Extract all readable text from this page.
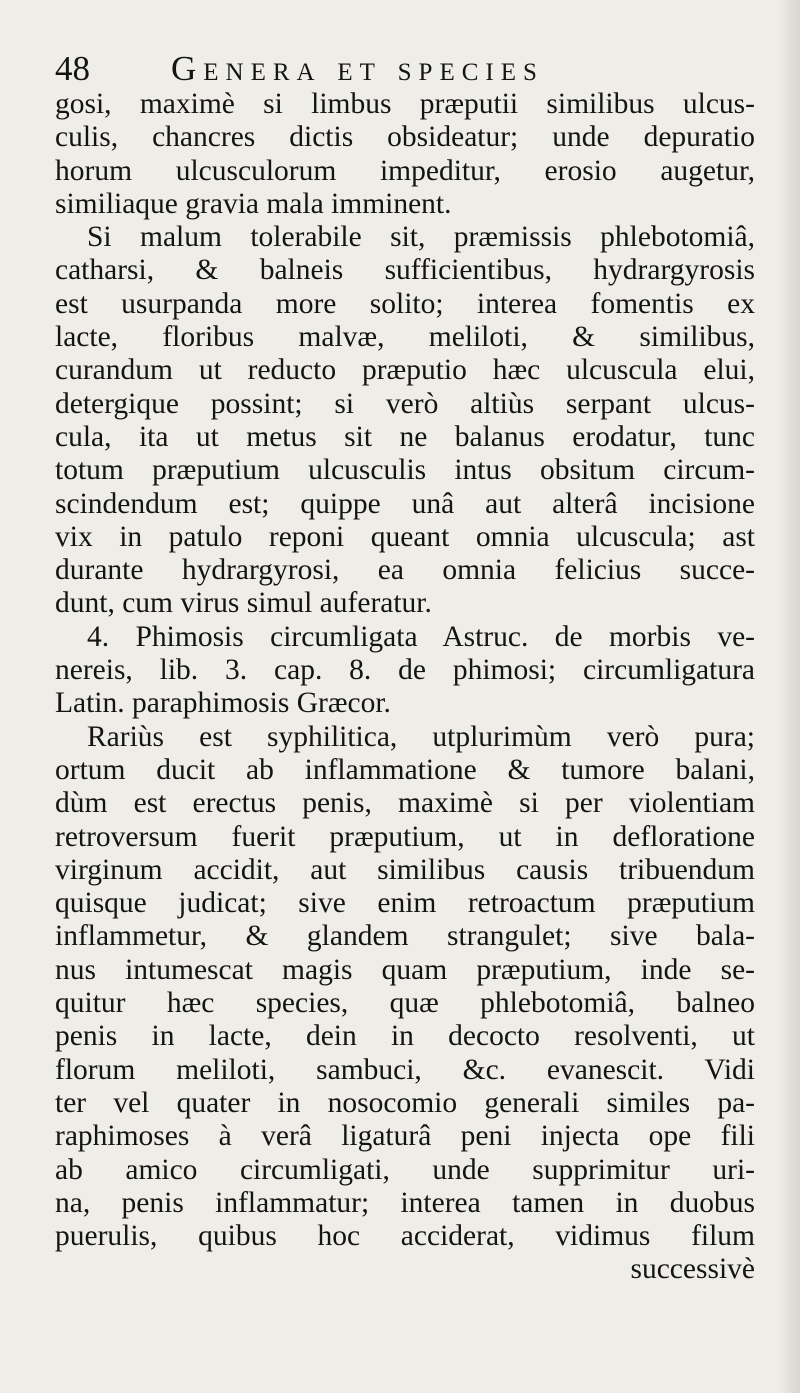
48 Genera et species
gosi, maximè si limbus præputii similibus ulcus-
culis, chancres dictis obsideatur; unde depuratio
horum ulcusculorum impeditur, erosio augetur,
similiaque gravia mala imminent.
Si malum tolerabile sit, præmissis phlebotomiâ,
catharsi, & balneis sufficientibus, hydrargyrosis
est usurpanda more solito; interea fomentis ex
lacte, floribus malvæ, meliloti, & similibus,
curandum ut reducto præputio hæc ulcuscula elui,
detergique possint; si verò altiùs serpant ulcus-
cula, ita ut metus sit ne balanus erodatur, tunc
totum præputium ulcusculis intus obsitum circum-
scindendum est; quippe unâ aut alterâ incisione
vix in patulo reponi queant omnia ulcuscula; ast
durante hydrargyrosi, ea omnia felicius succe-
dunt, cum virus simul auferatur.
4. Phimosis circumligata Astruc. de morbis ve-
nereis, lib. 3. cap. 8. de phimosi; circumligatura
Latin. paraphimosis Græcor.
Rariùs est syphilitica, utplurimùm verò pura;
ortum ducit ab inflammatione & tumore balani,
dùm est erectus penis, maximè si per violentiam
retroversum fuerit præputium, ut in defloratione
virginum accidit, aut similibus causis tribuendum
quisque judicat; sive enim retroactum præputium
inflammetur, & glandem strangulet; sive bala-
nus intumescat magis quam præputium, inde se-
quitur hæc species, quæ phlebotomiâ, balneo
penis in lacte, dein in decocto resolventi, ut
florum meliloti, sambuci, &c. evanescit. Vidi
ter vel quater in nosocomio generali similes pa-
raphimoses à verâ ligaturâ peni injecta ope fili
ab amico circumligati, unde supprimitur uri-
na, penis inflammatur; interea tamen in duobus
puerulis, quibus hoc acciderat, vidimus filum
successivè
